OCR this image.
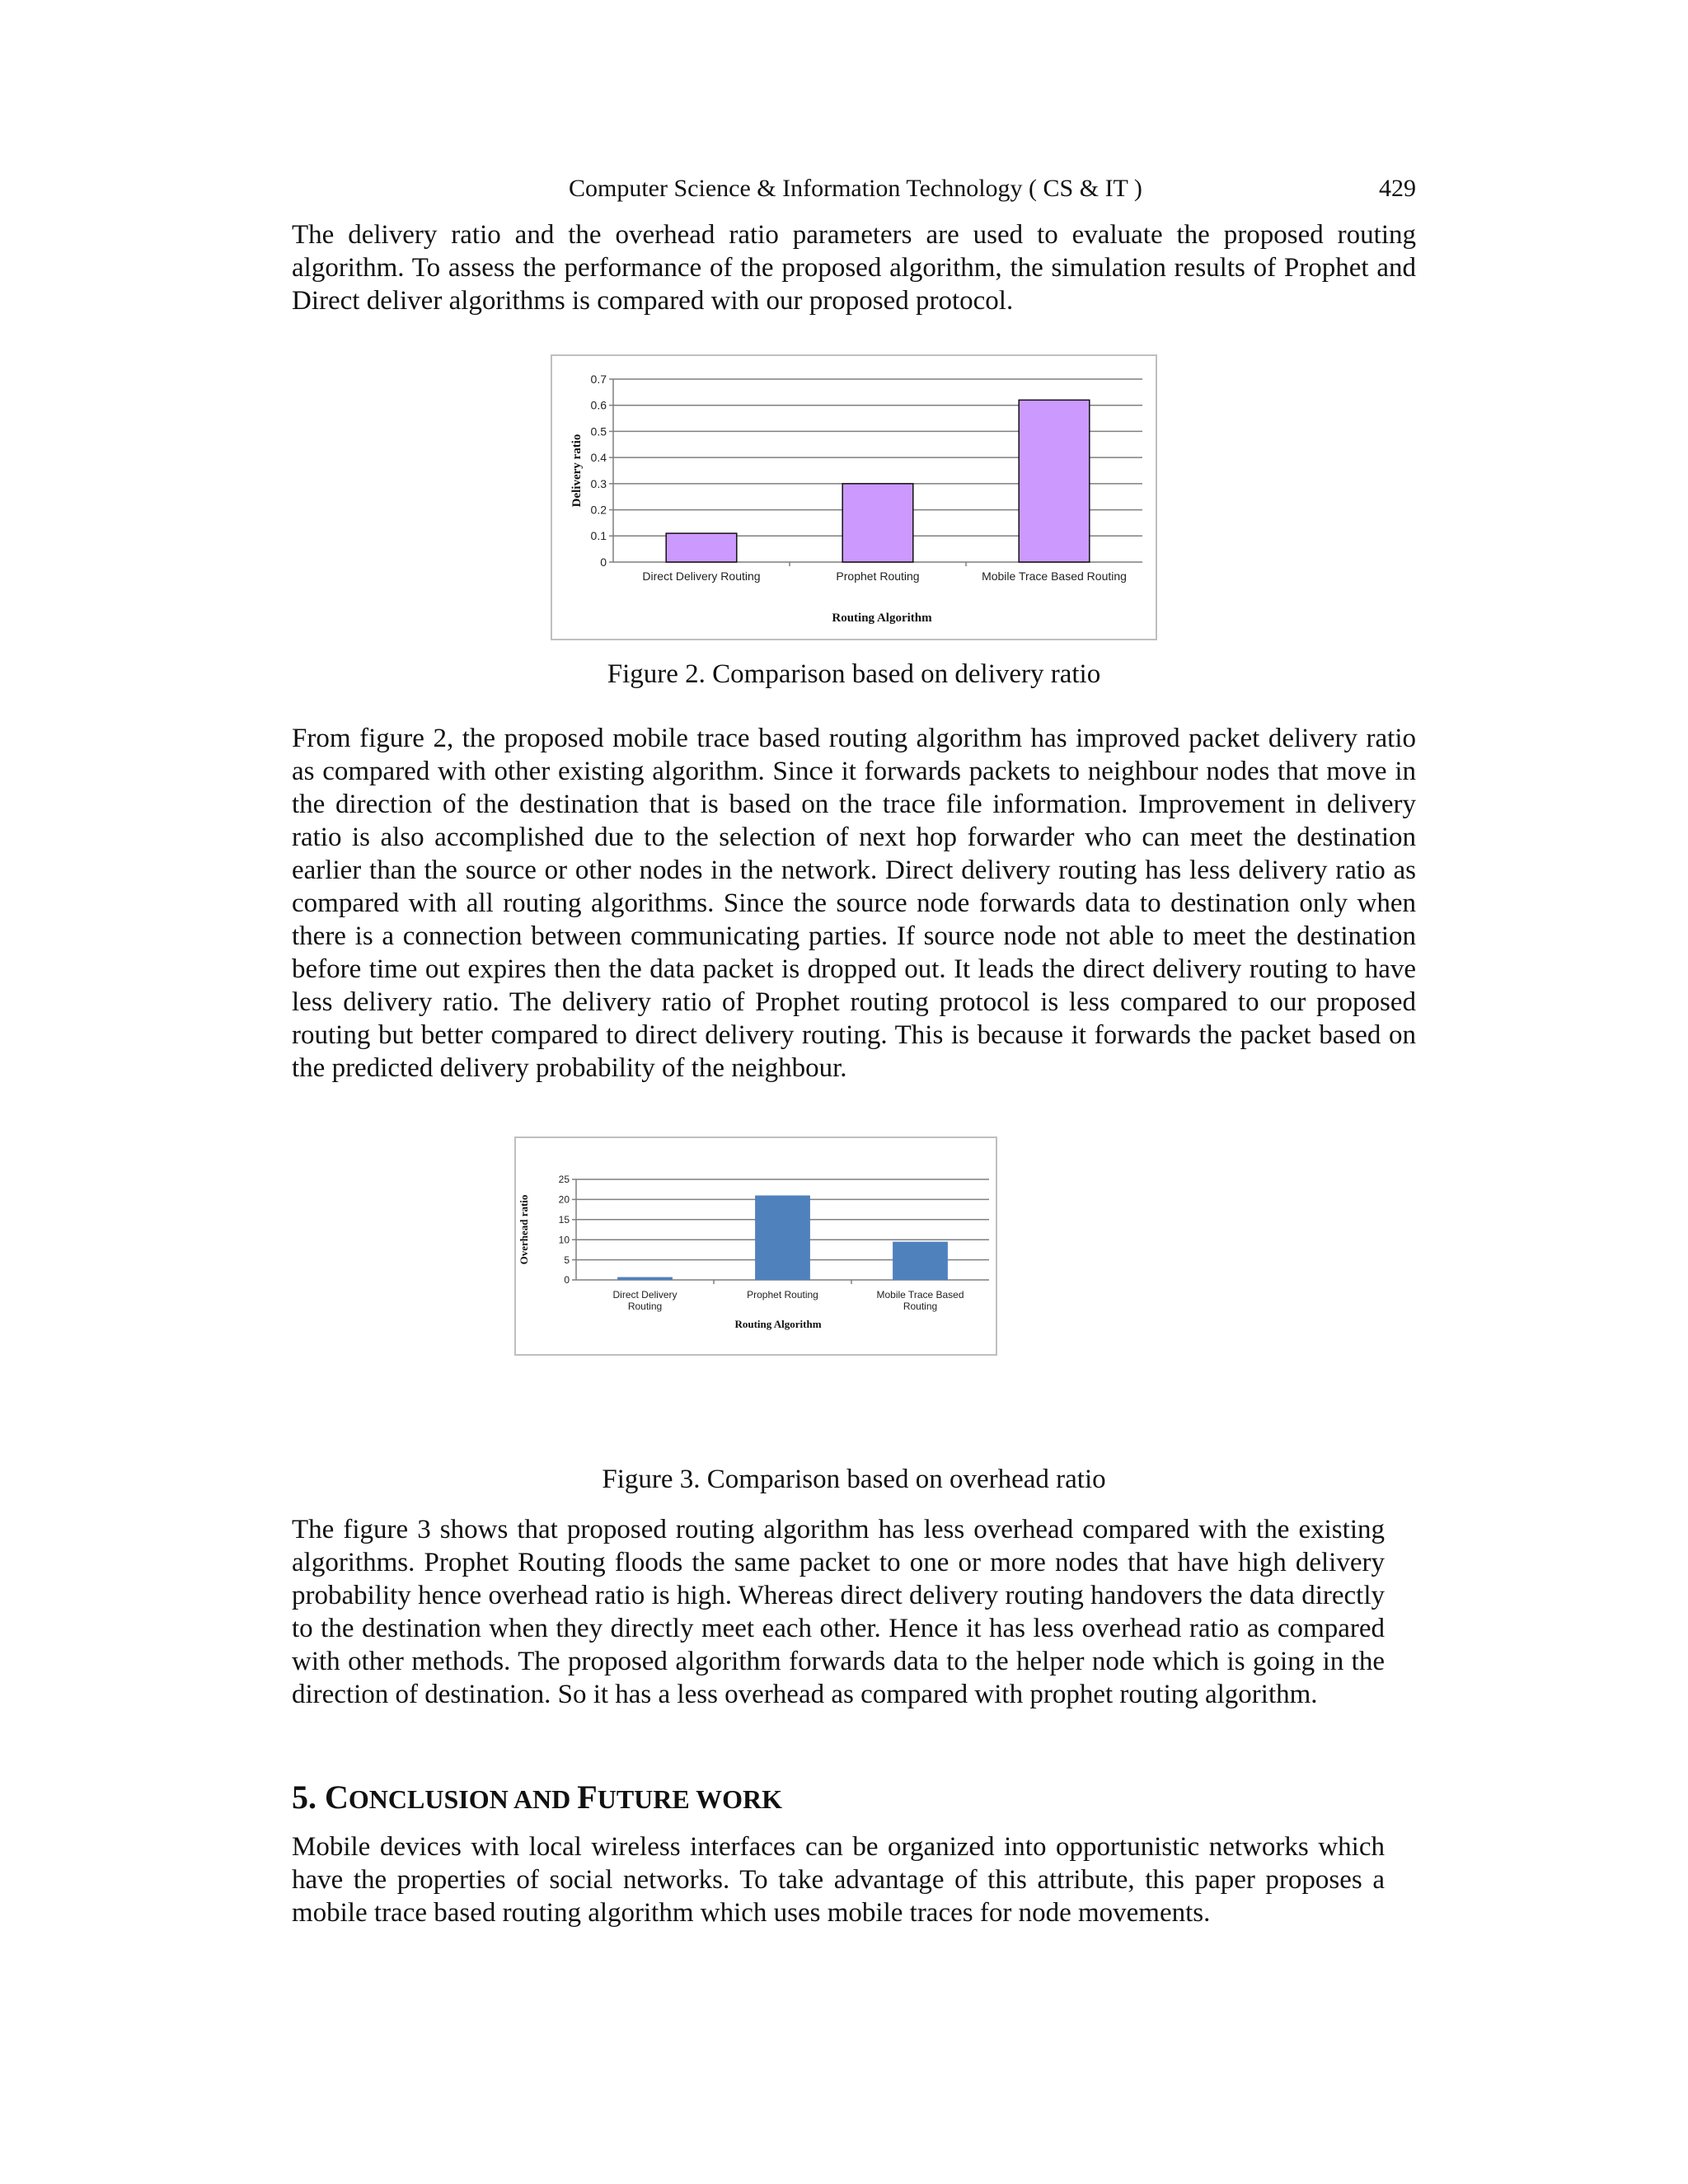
Computer Science & Information Technology ( CS & IT )	429

The delivery ratio and the overhead ratio parameters are used to evaluate the proposed routing algorithm. To assess the performance of the proposed algorithm, the simulation results of Prophet and Direct deliver algorithms is compared with our proposed protocol.

0
0.1
0.2
0.3
0.4
0.5
0.6
0.7
Direct Delivery Routing	Prophet Routing	Mobile Trace Based Routing
Routing Algorithm
Delivery ratio
Figure 2. Comparison based on delivery ratio

From figure 2, the proposed mobile trace based routing algorithm has improved packet delivery ratio as compared with other existing algorithm. Since it forwards packets to neighbour nodes that move in the direction of the destination that is based on the trace file information. Improvement in delivery ratio is also accomplished due to the selection of next hop forwarder who can meet the destination earlier than the source or other nodes in the network. Direct delivery routing has less delivery ratio as compared with all routing algorithms. Since the source node forwards data to destination only when there is a connection between communicating parties. If source node not able to meet the destination before time out expires then the data packet is dropped out. It leads the direct delivery routing to have less delivery ratio. The delivery ratio of Prophet routing protocol is less compared to our proposed routing but better compared to direct delivery routing. This is because it forwards the packet based on the predicted delivery probability of the neighbour.

0
5
10
15
20
25
Direct Delivery
Routing
Prophet Routing	Mobile Trace Based
Routing
Routing Algorithm
Overhead ratio
Figure 3. Comparison based on overhead ratio

The figure 3 shows that proposed routing algorithm has less overhead compared with the existing algorithms. Prophet Routing floods the same packet to one or more nodes that have high delivery probability hence overhead ratio is high. Whereas direct delivery routing handovers the data directly to the destination when they directly meet each other. Hence it has less overhead ratio as compared with other methods. The proposed algorithm forwards data to the helper node which is going in the direction of destination. So it has a less overhead as compared with prophet routing algorithm.

5. CONCLUSION AND FUTURE WORK

Mobile devices with local wireless interfaces can be organized into opportunistic networks which have the properties of social networks. To take advantage of this attribute, this paper proposes a mobile trace based routing algorithm which uses mobile traces for node movements.
